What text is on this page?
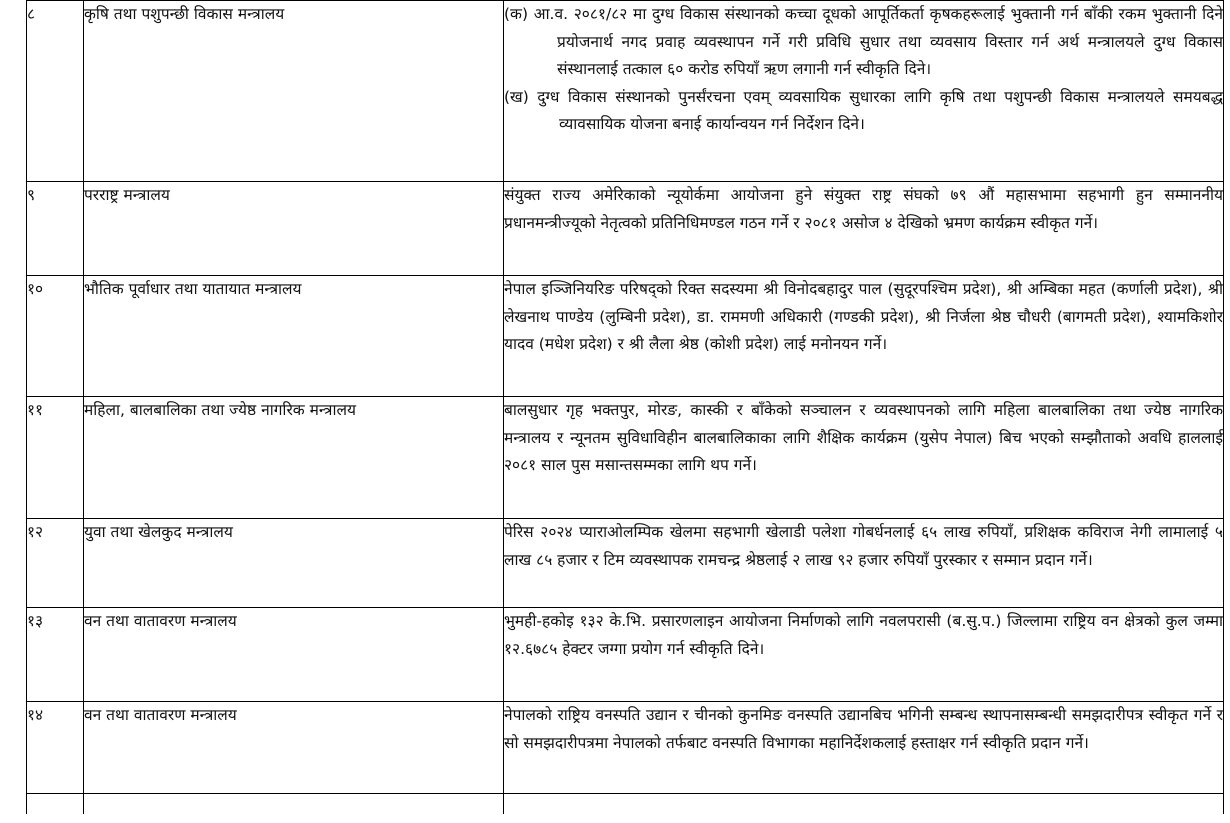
८	कृषि तथा पशुपन्छी विकास मन्त्रालय	(क) आ.व. २०८१/८२ मा दुग्ध विकास संस्थानको कच्चा दूधको आपूर्तिकर्ता कृषकहरूलाई भुक्तानी गर्न बाँकी रकम भुक्तानी दिने प्रयोजनार्थ नगद प्रवाह व्यवस्थापन गर्ने गरी प्रविधि सुधार तथा व्यवसाय विस्तार गर्न अर्थ मन्त्रालयले दुग्ध विकास संस्थानलाई तत्काल ६० करोड रुपियाँ ऋण लगानी गर्न स्वीकृति दिने।

(ख) दुग्ध विकास संस्थानको पुनर्संरचना एवम् व्यवसायिक सुधारका लागि कृषि तथा पशुपन्छी विकास मन्त्रालयले समयबद्ध व्यावसायिक योजना बनाई कार्यान्वयन गर्न निर्देशन दिने।

९	परराष्ट्र मन्त्रालय	संयुक्त राज्य अमेरिकाको न्यूयोर्कमा आयोजना हुने संयुक्त राष्ट्र संघको ७९ औं महासभामा सहभागी हुन सम्माननीय प्रधानमन्त्रीज्यूको नेतृत्वको प्रतिनिधिमण्डल गठन गर्ने र २०८१ असोज ४ देखिको भ्रमण कार्यक्रम स्वीकृत गर्ने।
१०	भौतिक पूर्वाधार तथा यातायात मन्त्रालय	नेपाल इञ्जिनियरिङ परिषद्को रिक्त सदस्यमा श्री विनोदबहादुर पाल (सुदूरपश्चिम प्रदेश), श्री अम्बिका महत (कर्णाली प्रदेश), श्री लेखनाथ पाण्डेय (लुम्बिनी प्रदेश), डा. राममणी अधिकारी (गण्डकी प्रदेश), श्री निर्जला श्रेष्ठ चौधरी (बागमती प्रदेश), श्यामकिशोर यादव (मधेश प्रदेश) र श्री लैला श्रेष्ठ (कोशी प्रदेश) लाई मनोनयन गर्ने।
११	महिला, बालबालिका तथा ज्येष्ठ नागरिक मन्त्रालय	बालसुधार गृह भक्तपुर, मोरङ, कास्की र बाँकेको सञ्चालन र व्यवस्थापनको लागि महिला बालबालिका तथा ज्येष्ठ नागरिक मन्त्रालय र न्यूनतम सुविधाविहीन बालबालिकाका लागि शैक्षिक कार्यक्रम (युसेप नेपाल) बिच भएको सम्झौताको अवधि हाललाई २०८१ साल पुस मसान्तसम्मका लागि थप गर्ने।
१२	युवा तथा खेलकुद मन्त्रालय	पेरिस २०२४ प्यारा‍ओलम्पिक खेलमा सहभागी खेलाडी पलेशा गोबर्धनलाई ६५ लाख रुपियाँ, प्रशिक्षक कविराज नेगी लामालाई ५ लाख ८५ हजार र टिम व्यवस्थापक रामचन्द्र श्रेष्ठलाई २ लाख ९२ हजार रुपियाँ पुरस्कार र सम्मान प्रदान गर्ने।
१३	वन तथा वातावरण मन्त्रालय	भुमही-हकोइ १३२ के.भि. प्रसारणलाइन आयोजना निर्माणको लागि नवलपरासी (ब.सु.प.) जिल्लामा राष्ट्रिय वन क्षेत्रको कुल जम्मा १२.६७८५ हेक्टर जग्गा प्रयोग गर्न स्वीकृति दिने।
१४	वन तथा वातावरण मन्त्रालय	नेपालको राष्ट्रिय वनस्पति उद्यान र चीनको कुनमिङ वनस्पति उद्यानबिच भगिनी सम्बन्ध स्थापनासम्बन्धी समझदारीपत्र स्वीकृत गर्ने र सो समझदारीपत्रमा नेपालको तर्फबाट वनस्पति विभागका महानिर्देशकलाई हस्ताक्षर गर्न स्वीकृति प्रदान गर्ने।
